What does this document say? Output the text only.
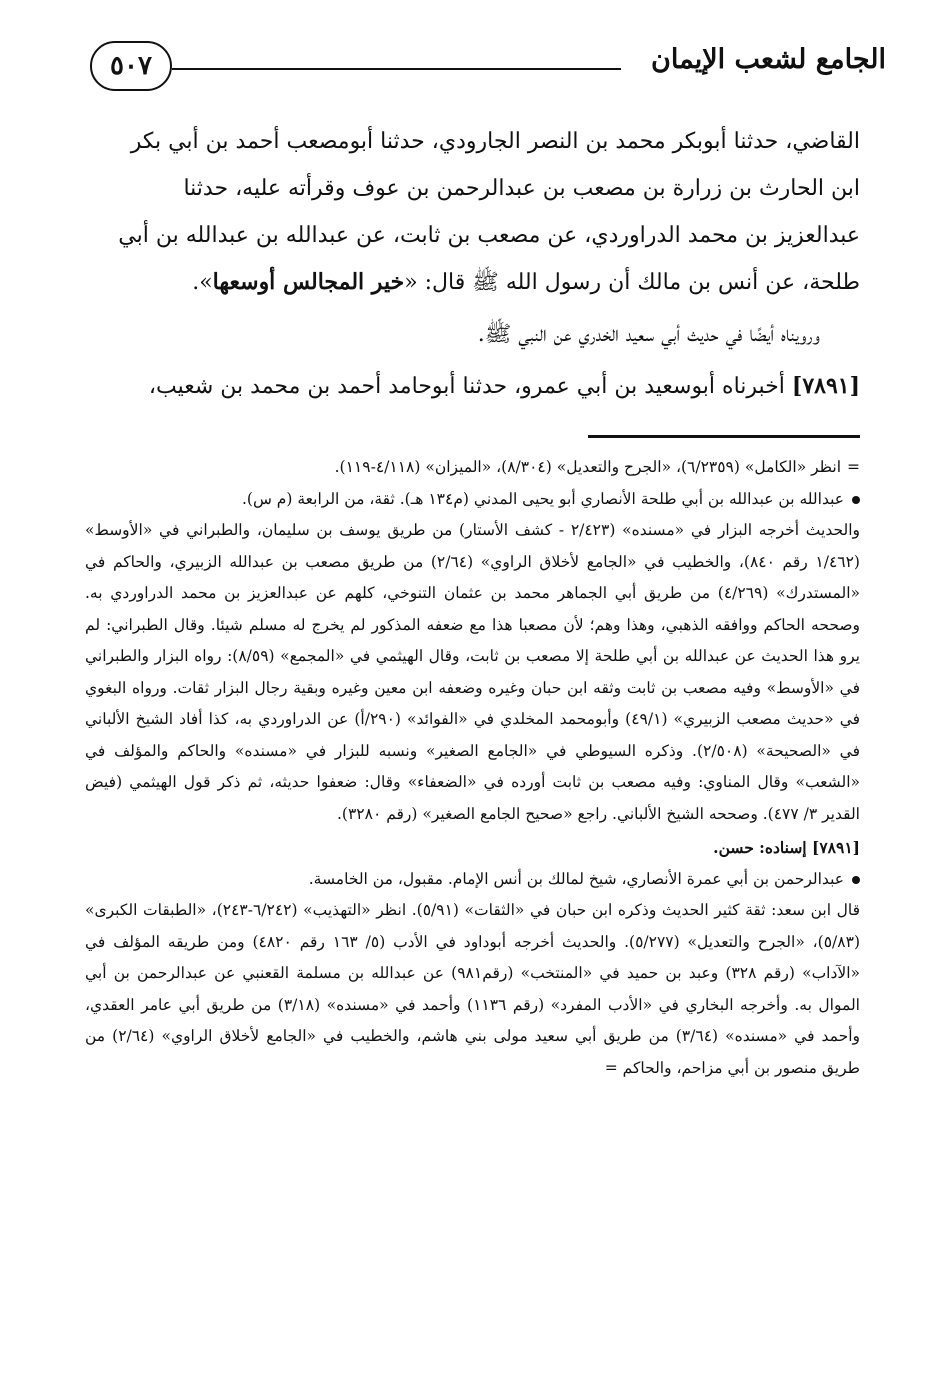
الجامع لشعب الإيمان
٥٠٧

القاضي، حدثنا أبوبكر محمد بن النصر الجارودي، حدثنا أبومصعب أحمد بن أبي بكر

ابن الحارث بن زرارة بن مصعب بن عبدالرحمن بن عوف وقرأته عليه، حدثنا

عبدالعزيز بن محمد الدراوردي، عن مصعب بن ثابت، عن عبدالله بن عبدالله بن أبي

طلحة، عن أنس بن مالك أن رسول الله ﷺ قال: «خير المجالس أوسعها».

ورويناه أيضًا في حديث أبي سعيد الخدري عن النبي ﷺ.

[٧٨٩١] أخبرناه أبوسعيد بن أبي عمرو، حدثنا أبوحامد أحمد بن محمد بن شعيب،

=انظر «الكامل» (٦/٢٣٥٩)، «الجرح والتعديل» (٨/٣٠٤)، «الميزان» (٤/١١٨-١١٩).

عبدالله بن عبدالله بن أبي طلحة الأنصاري أبو يحيى المدني (م١٣٤ هـ). ثقة، من الرابعة (م س).

والحديث أخرجه البزار في «مسنده» (٢/٤٢٣ - كشف الأستار) من طريق يوسف بن سليمان، والطبراني في «الأوسط» (١/٤٦٢ رقم ٨٤٠)، والخطيب في «الجامع لأخلاق الراوي» (٢/٦٤) من طريق مصعب بن عبدالله الزبيري، والحاكم في «المستدرك» (٤/٢٦٩) من طريق أبي الجماهر محمد بن عثمان التنوخي، كلهم عن عبدالعزيز بن محمد الدراوردي به. وصححه الحاكم ووافقه الذهبي، وهذا وهم؛ لأن مصعبا هذا مع ضعفه المذكور لم يخرج له مسلم شيئا. وقال الطبراني: لم يرو هذا الحديث عن عبدالله بن أبي طلحة إلا مصعب بن ثابت، وقال الهيثمي في «المجمع» (٨/٥٩): رواه البزار والطبراني في «الأوسط» وفيه مصعب بن ثابت وثقه ابن حبان وغيره وضعفه ابن معين وغيره وبقية رجال البزار ثقات. ورواه البغوي في «حديث مصعب الزبيري» (٤٩/١) وأبومحمد المخلدي في «الفوائد» (٢٩٠/أ) عن الدراوردي به، كذا أفاد الشيخ الألباني في «الصحيحة» (٢/٥٠٨). وذكره السيوطي في «الجامع الصغير» ونسبه للبزار في «مسنده» والحاكم والمؤلف في «الشعب» وقال المناوي: وفيه مصعب بن ثابت أورده في «الضعفاء» وقال: ضعفوا حديثه، ثم ذكر قول الهيثمي (فيض القدير ٣/ ٤٧٧). وصححه الشيخ الألباني. راجع «صحيح الجامع الصغير» (رقم ٣٢٨٠).

[٧٨٩١] إسناده: حسن.

عبدالرحمن بن أبي عمرة الأنصاري، شيخ لمالك بن أنس الإمام. مقبول، من الخامسة.

قال ابن سعد: ثقة كثير الحديث وذكره ابن حبان في «الثقات» (٥/٩١). انظر «التهذيب» (٦/٢٤٢-٢٤٣)، «الطبقات الكبرى» (٥/٨٣)، «الجرح والتعديل» (٥/٢٧٧). والحديث أخرجه أبوداود في الأدب (٥/ ١٦٣ رقم ٤٨٢٠) ومن طريقه المؤلف في «الآداب» (رقم ٣٢٨) وعبد بن حميد في «المنتخب» (رقم٩٨١) عن عبدالله بن مسلمة القعنبي عن عبدالرحمن بن أبي الموال به. وأخرجه البخاري في «الأدب المفرد» (رقم ١١٣٦) وأحمد في «مسنده» (٣/١٨) من طريق أبي عامر العقدي، وأحمد في «مسنده» (٣/٦٤) من طريق أبي سعيد مولى بني هاشم، والخطيب في «الجامع لأخلاق الراوي» (٢/٦٤) من طريق منصور بن أبي مزاحم، والحاكم =
